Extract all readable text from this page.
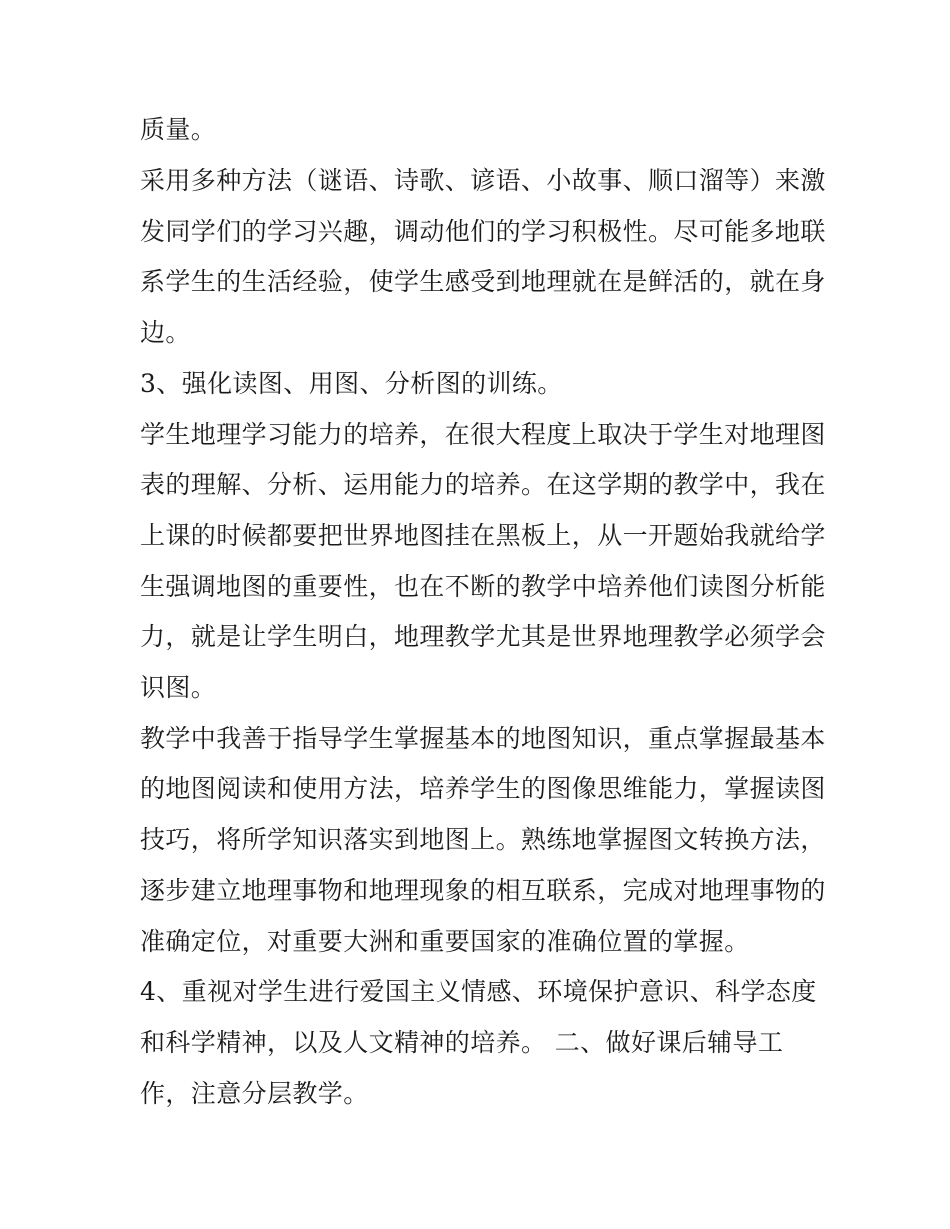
质量。
采用多种方法（谜语、诗歌、谚语、小故事、顺口溜等）来激
发同学们的学习兴趣，调动他们的学习积极性。尽可能多地联
系学生的生活经验，使学生感受到地理就在是鲜活的，就在身
边。
3、强化读图、用图、分析图的训练。
学生地理学习能力的培养，在很大程度上取决于学生对地理图
表的理解、分析、运用能力的培养。在这学期的教学中，我在
上课的时候都要把世界地图挂在黑板上，从一开题始我就给学
生强调地图的重要性，也在不断的教学中培养他们读图分析能
力，就是让学生明白，地理教学尤其是世界地理教学必须学会
识图。
教学中我善于指导学生掌握基本的地图知识，重点掌握最基本
的地图阅读和使用方法，培养学生的图像思维能力，掌握读图
技巧，将所学知识落实到地图上。熟练地掌握图文转换方法，
逐步建立地理事物和地理现象的相互联系，完成对地理事物的
准确定位，对重要大洲和重要国家的准确位置的掌握。
4、重视对学生进行爱国主义情感、环境保护意识、科学态度
和科学精神，以及人文精神的培养。 二、做好课后辅导工
作，注意分层教学。
